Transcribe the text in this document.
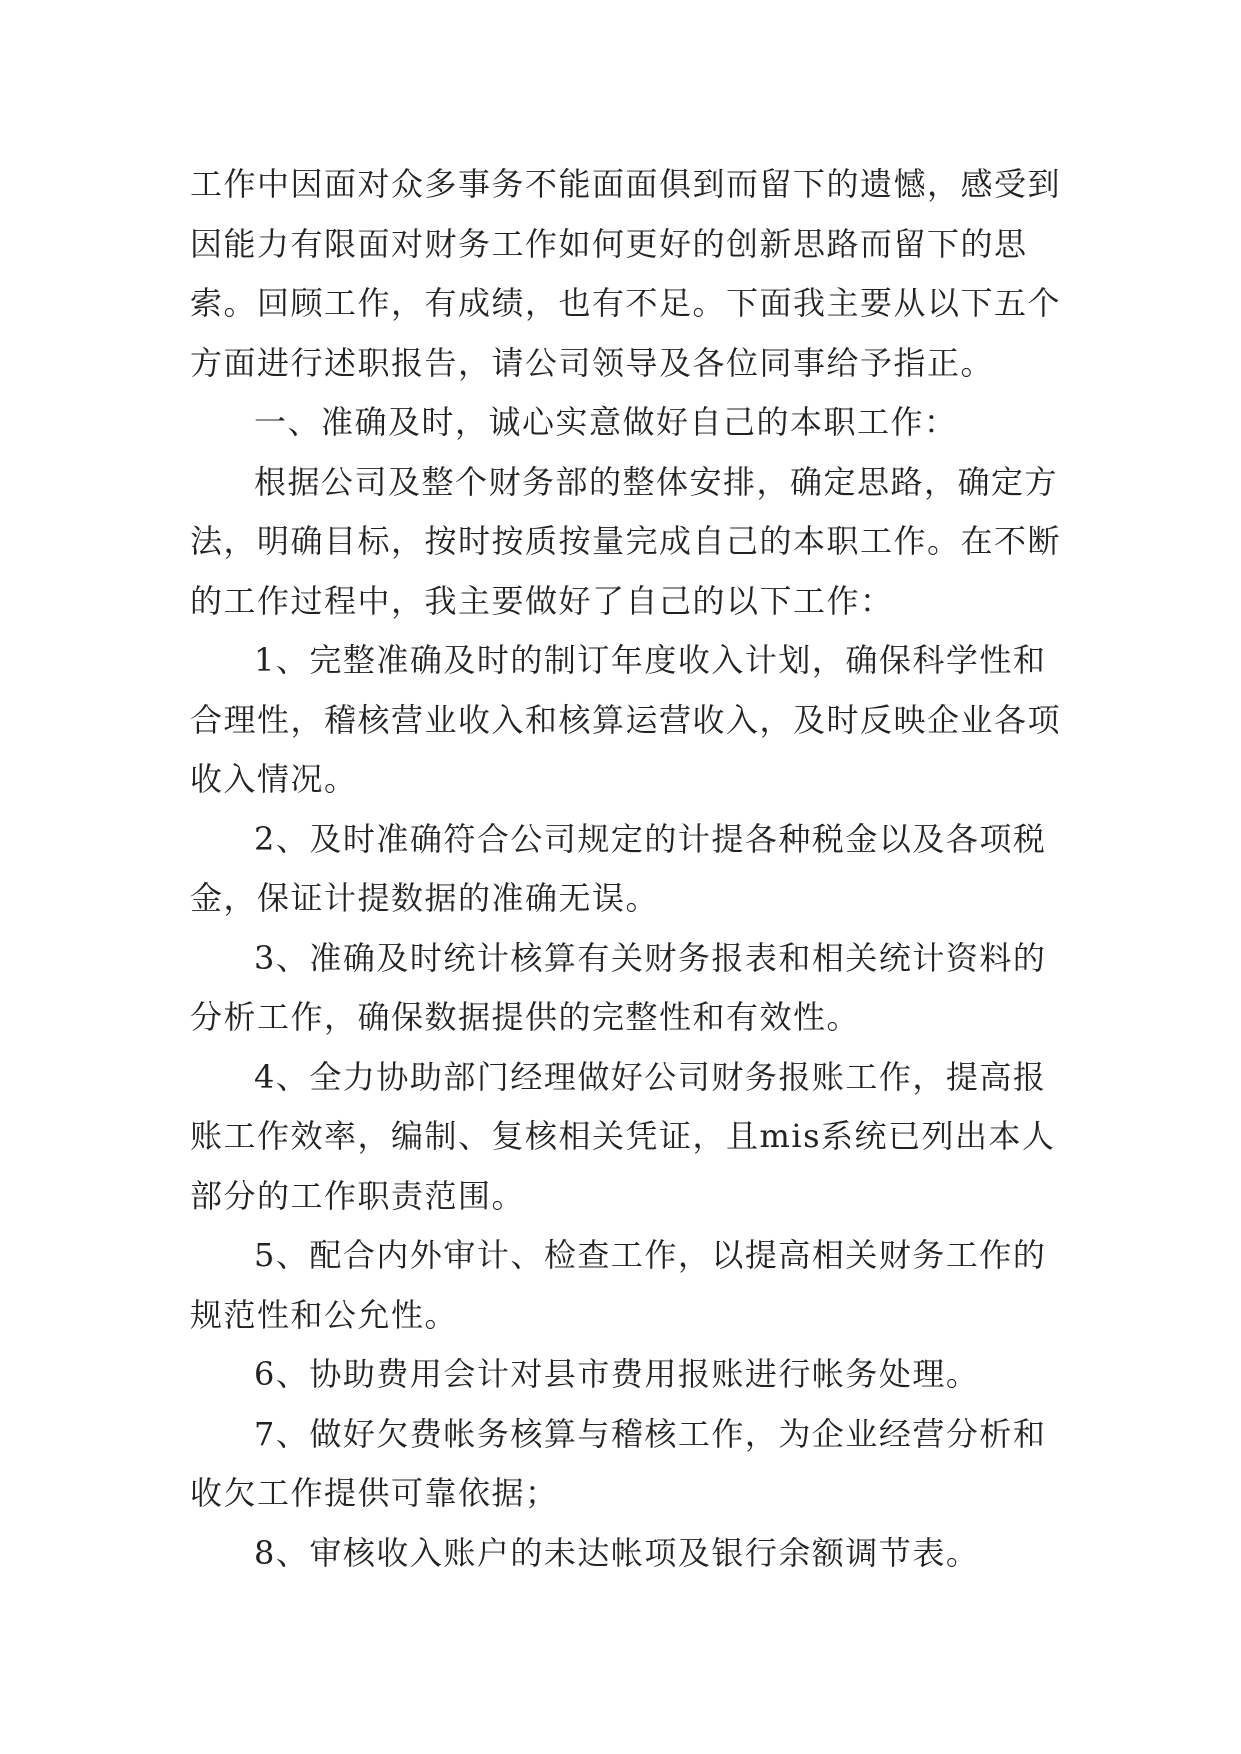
工作中因面对众多事务不能面面俱到而留下的遗憾，感受到
因能力有限面对财务工作如何更好的创新思路而留下的思
索。回顾工作，有成绩，也有不足。下面我主要从以下五个
方面进行述职报告，请公司领导及各位同事给予指正。
一、准确及时，诚心实意做好自己的本职工作：
根据公司及整个财务部的整体安排，确定思路，确定方
法，明确目标，按时按质按量完成自己的本职工作。在不断
的工作过程中，我主要做好了自己的以下工作：
1、完整准确及时的制订年度收入计划，确保科学性和
合理性，稽核营业收入和核算运营收入，及时反映企业各项
收入情况。
2、及时准确符合公司规定的计提各种税金以及各项税
金，保证计提数据的准确无误。
3、准确及时统计核算有关财务报表和相关统计资料的
分析工作，确保数据提供的完整性和有效性。
4、全力协助部门经理做好公司财务报账工作，提高报
账工作效率，编制、复核相关凭证，且mis系统已列出本人
部分的工作职责范围。
5、配合内外审计、检查工作，以提高相关财务工作的
规范性和公允性。
6、协助费用会计对县市费用报账进行帐务处理。
7、做好欠费帐务核算与稽核工作，为企业经营分析和
收欠工作提供可靠依据；
8、审核收入账户的未达帐项及银行余额调节表。
